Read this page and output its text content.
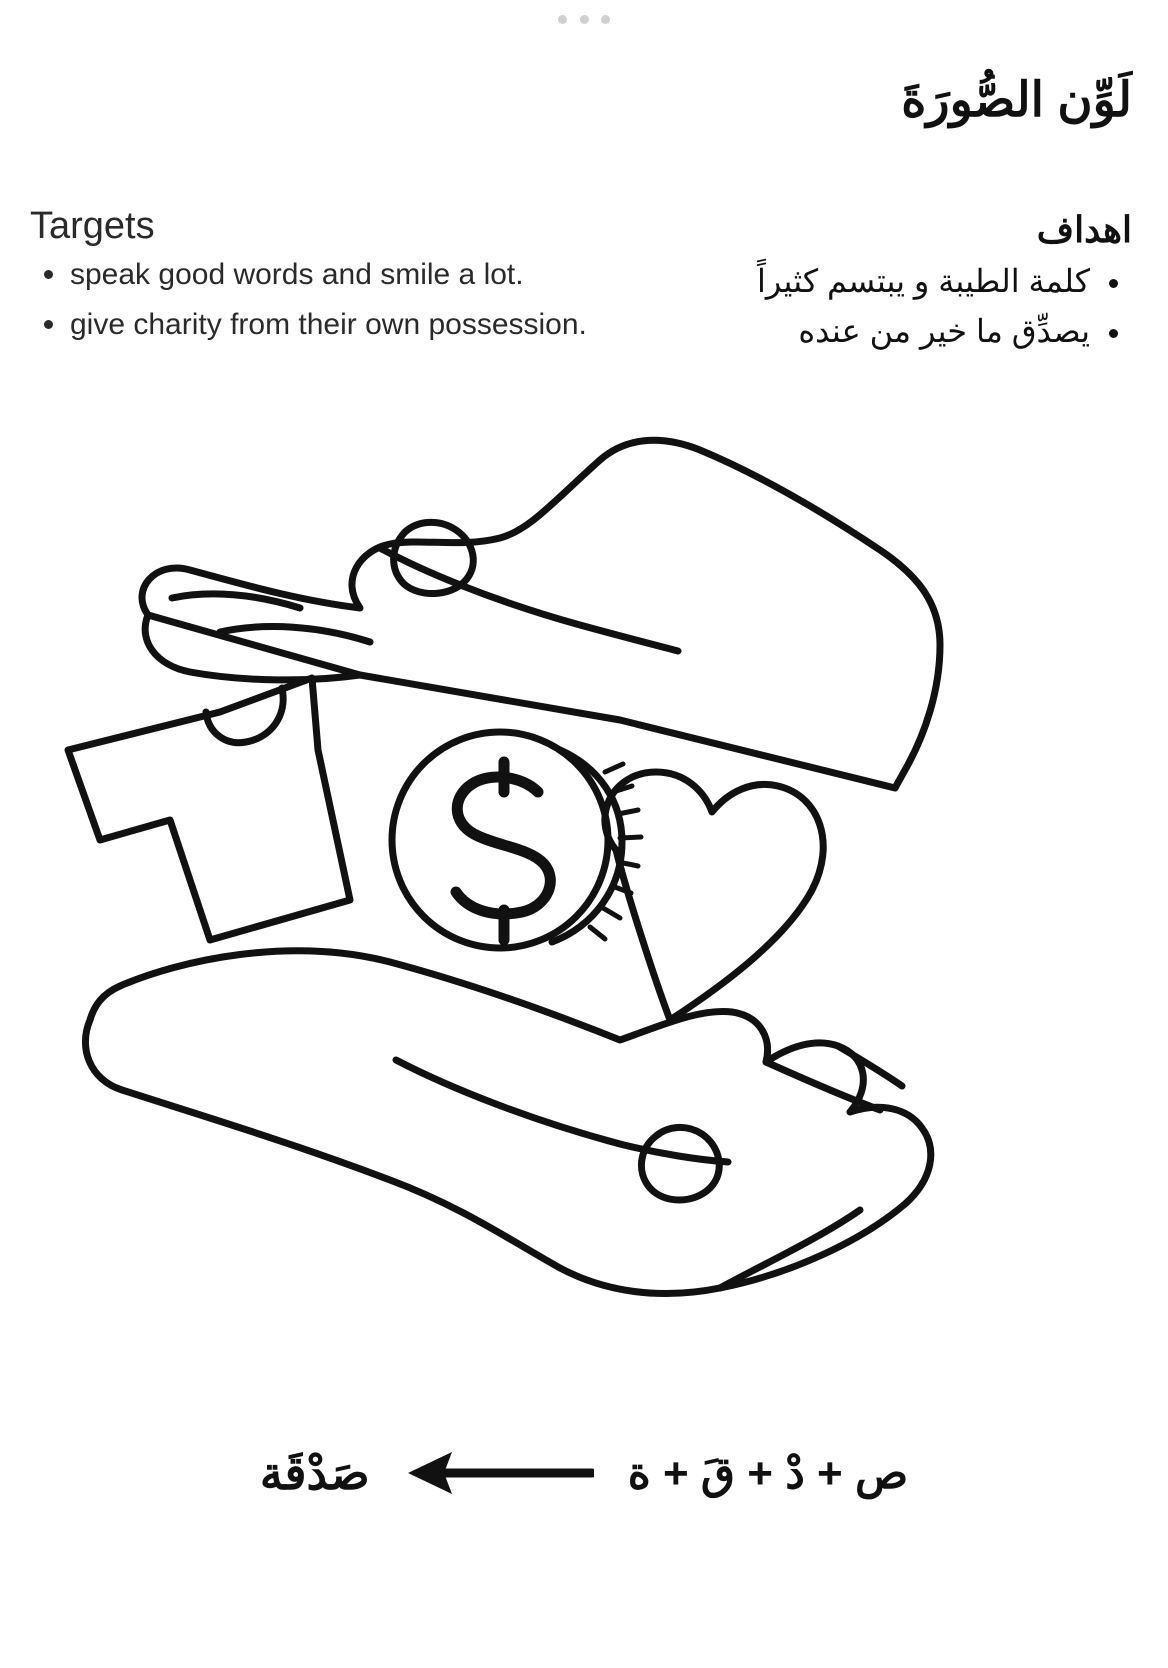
لَوِّن الصُّورَةَ
Targets
speak good words and smile a lot.
give charity from their own possession.
اهداف
كلمة الطيبة و يبتسم كثيراً
يصدِّق ما خير من عنده
ص + دْ + قَ + ة
صَدْقَة
